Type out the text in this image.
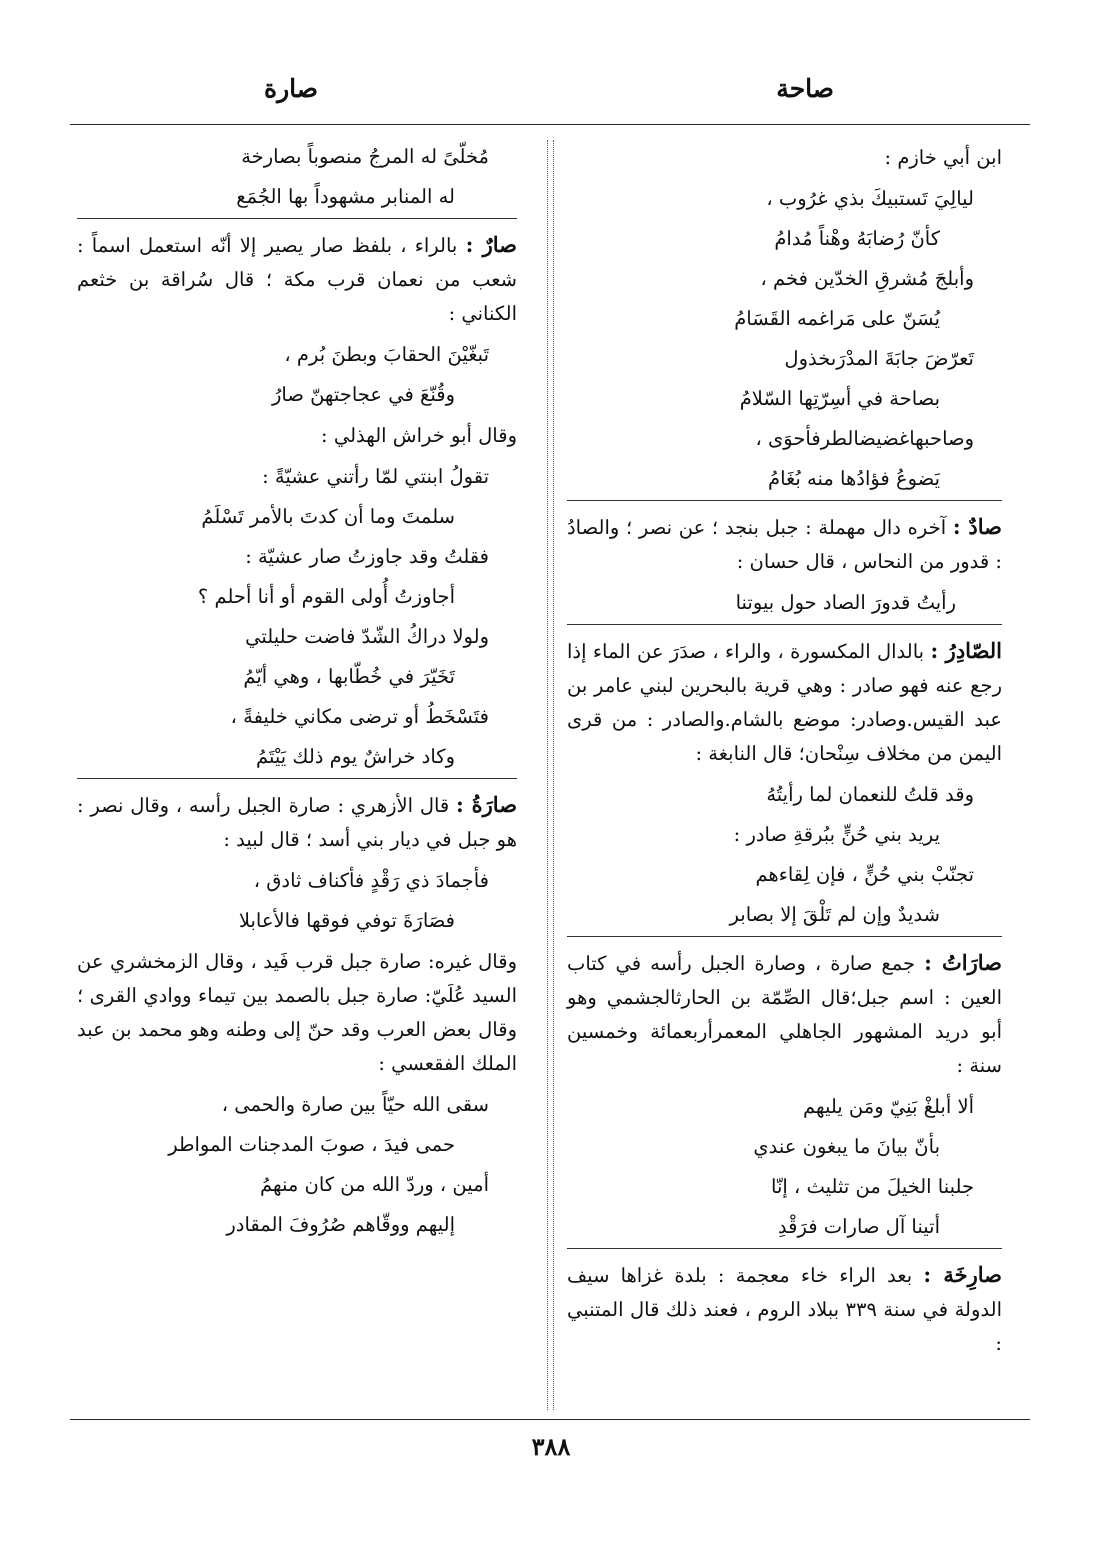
صاحة
صارة

ابن أبي خازم :

ليالِيَ تَستبيكَ بذي غرُوب ،

كأنّ رُضابَهُ وهْناً مُدامُ

وأبلجَ مُشرقِ الخدّين فخم ،

يُسَنّ على مَراغمه القَسَامُ

تَعرّضَ جابَةَ المدْرَىخذول

بصاحة في أسِرّتِها السّلامُ

وصاحبهاغضيضالطرفأحوَى ،

يَضوعُ فؤادُها منه بُغَامُ

صادٌ : آخره دال مهملة : جبل بنجد ؛ عن نصر ؛ والصادُ : قدور من النحاس ، قال حسان :

رأيتُ قدورَ الصاد حول بيوتنا

الصّادِرُ : بالدال المكسورة ، والراء ، صدَرَ عن الماء إذا رجع عنه فهو صادر : وهي قرية بالبحرين لبني عامر بن عبد القيس.وصادر: موضع بالشام.والصادر : من قرى اليمن من مخلاف سِنْحان؛ قال النابغة :

وقد قلتُ للنعمان لما رأيتُهُ

يريد بني حُنٍّ ببُرقةِ صادر :

تجنّبْ بني حُنٍّ ، فإن لِقاءهم

شديدٌ وإن لم تَلْقَ إلا بصابر

صارَاتُ : جمع صارة ، وصارة الجبل رأسه في كتاب العين : اسم جبل؛قال الصِّمّة بن الحارثالجشمي وهو أبو دريد المشهور الجاهلي المعمرأربعمائة وخمسين سنة :

ألا أبلغْ بَنِيّ ومَن يليهم

بأنّ بيانَ ما يبغون عندي

جلبنا الخيلَ من تثليث ، إنّا

أتينا آل صارات فرَقْدِ

صارِخَة : بعد الراء خاء معجمة : بلدة غزاها سيف الدولة في سنة ٣٣٩ ببلاد الروم ، فعند ذلك قال المتنبي :

مُخلّىً له المرجُ منصوباً بصارخة

له المنابر مشهوداً بها الجُمَع

صارٌ : بالراء ، بلفظ صار يصير إلا أنّه استعمل اسماً : شعب من نعمان قرب مكة ؛ قال سُراقة بن خثعم الكناني :

تَبغّيْنَ الحقابَ وبطنَ بُرم ،

وقُنّعَ في عجاجتهنّ صارُ

وقال أبو خراش الهذلي :

تقولُ ابنتي لمّا رأتني عشيّةً :

سلمتَ وما أن كدتَ بالأمر تَسْلَمُ

فقلتُ وقد جاوزتُ صار عشيّة :

أجاوزتُ أُولى القوم أو أنا أحلم ؟

ولولا دراكُ الشّدّ فاضت حليلتي

تَخَيّرَ في خُطّابها ، وهي أيّمُ

فتَسْخَطُ أو ترضى مكاني خليفةً ،

وكاد خراشٌ يوم ذلك يَيْتَمُ

صارَةُ : قال الأزهري : صارة الجبل رأسه ، وقال نصر : هو جبل في ديار بني أسد ؛ قال لبيد :

فأجمادَ ذي رَقْدٍ فأكناف ثادق ،

فصَارَةَ توفي فوقها فالأعابلا

وقال غيره: صارة جبل قرب فَيد ، وقال الزمخشري عن السيد عُلَيّ: صارة جبل بالصمد بين تيماء ووادي القرى ؛ وقال بعض العرب وقد حنّ إلى وطنه وهو محمد بن عبد الملك الفقعسي :

سقى الله حيّاً بين صارة والحمى ،

حمى فيدَ ، صوبَ المدجنات المواطر

أمين ، وردّ الله من كان منهمُ

إليهم ووقّاهم صُرُوفَ المقادر

٣٨٨
